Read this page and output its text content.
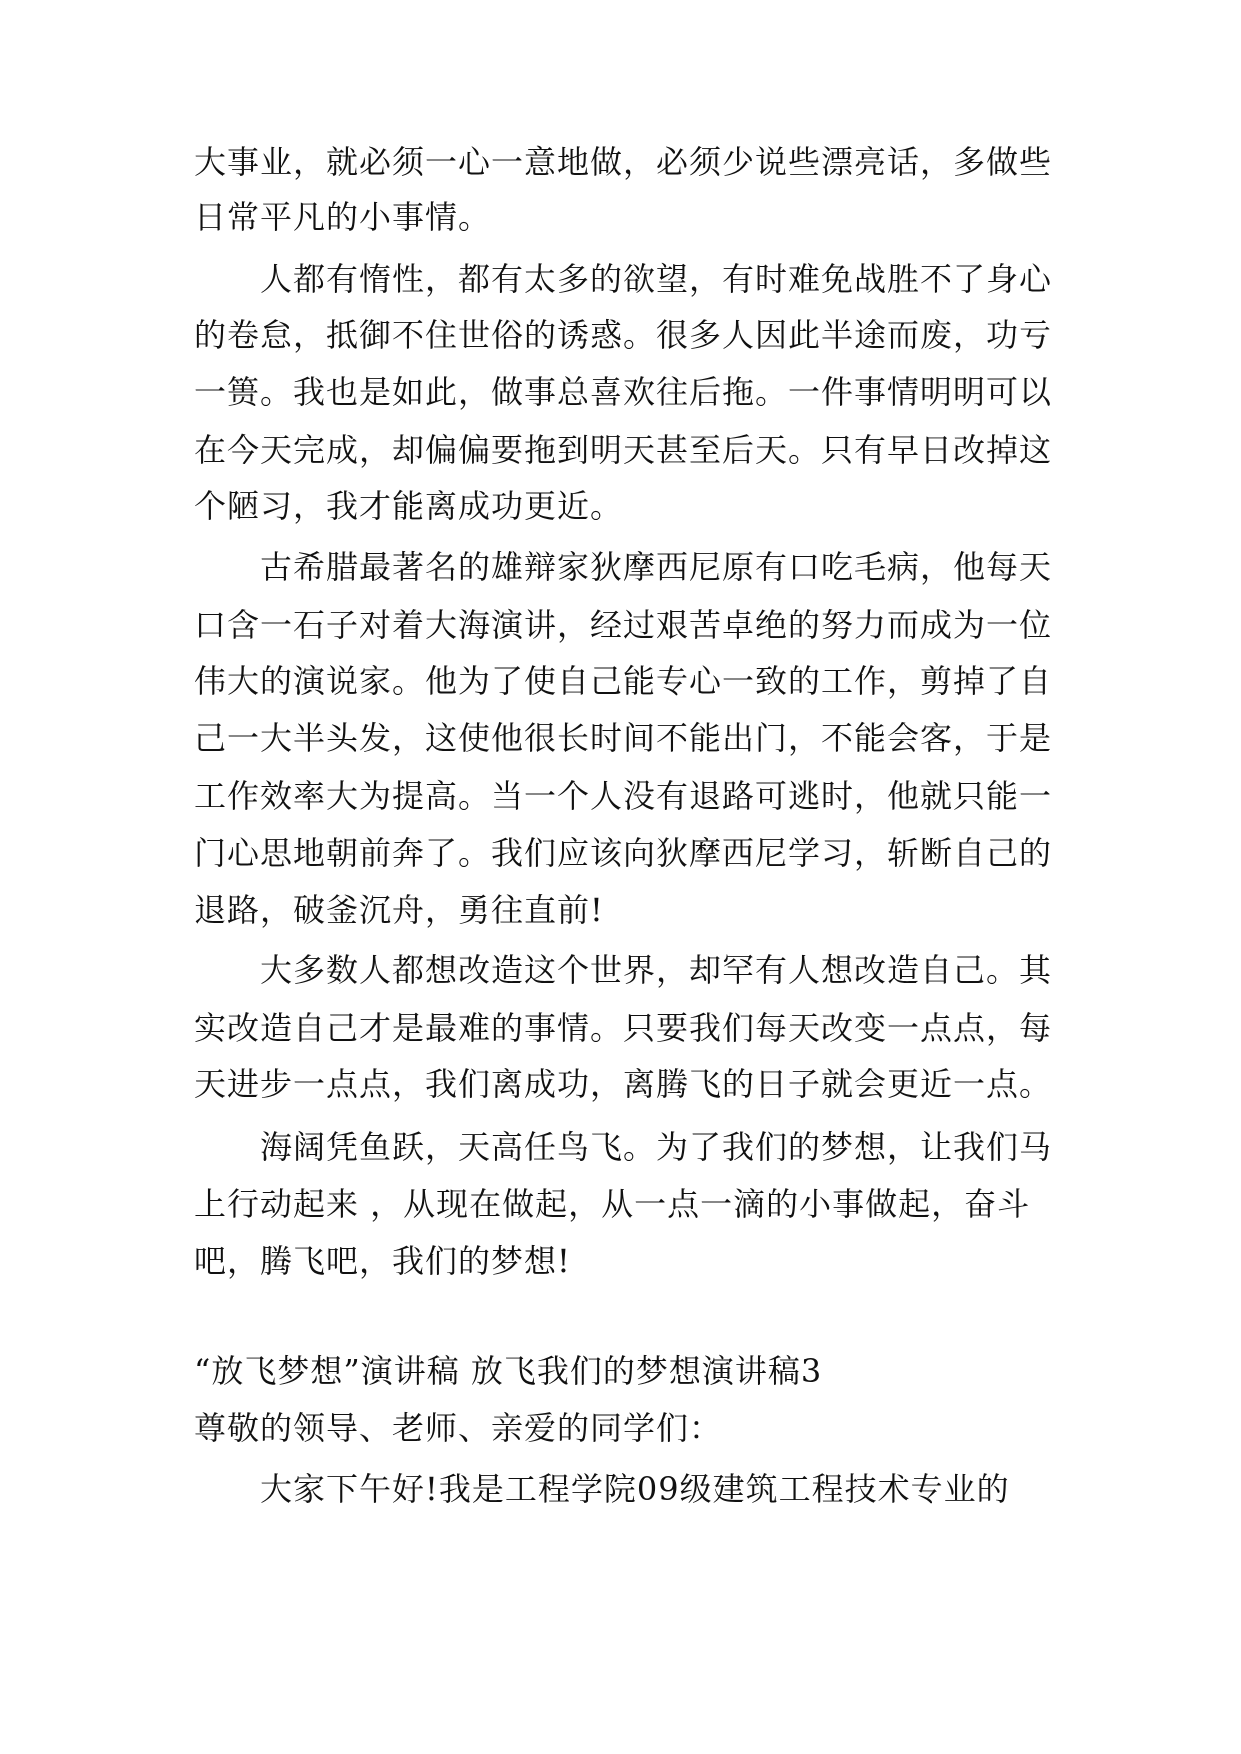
大事业，就必须一心一意地做，必须少说些漂亮话，多做些
日常平凡的小事情。
人都有惰性，都有太多的欲望，有时难免战胜不了身心
的卷怠，抵御不住世俗的诱惑。很多人因此半途而废，功亏
一篑。我也是如此，做事总喜欢往后拖。一件事情明明可以
在今天完成，却偏偏要拖到明天甚至后天。只有早日改掉这
个陋习，我才能离成功更近。
古希腊最著名的雄辩家狄摩西尼原有口吃毛病，他每天
口含一石子对着大海演讲，经过艰苦卓绝的努力而成为一位
伟大的演说家。他为了使自己能专心一致的工作，剪掉了自
己一大半头发，这使他很长时间不能出门，不能会客，于是
工作效率大为提高。当一个人没有退路可逃时，他就只能一
门心思地朝前奔了。我们应该向狄摩西尼学习，斩断自己的
退路，破釜沉舟，勇往直前!
大多数人都想改造这个世界，却罕有人想改造自己。其
实改造自己才是最难的事情。只要我们每天改变一点点，每
天进步一点点，我们离成功，离腾飞的日子就会更近一点。
海阔凭鱼跃，天高任鸟飞。为了我们的梦想，让我们马
上行动起来 ，从现在做起，从一点一滴的小事做起，奋斗
吧，腾飞吧，我们的梦想!
“放飞梦想”演讲稿 放飞我们的梦想演讲稿3
尊敬的领导、老师、亲爱的同学们：
大家下午好!我是工程学院09级建筑工程技术专业的
